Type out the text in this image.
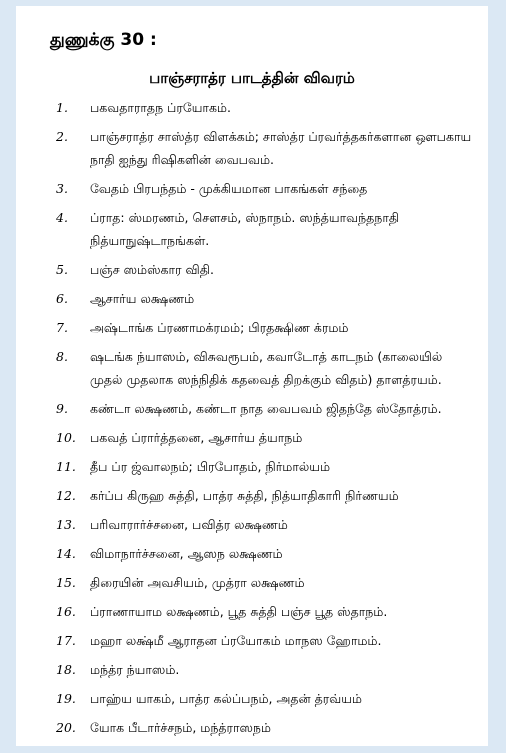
துணுக்கு 30 :
பாஞ்சராத்ர பாடத்தின் விவரம்
1.	பகவதாராதந ப்ரயோகம்.
2.	பாஞ்சராத்ர சாஸ்த்ர விளக்கம்; சாஸ்த்ர ப்ரவர்த்தகர்களான ஔபகாய நாதி ஐந்து ரிஷிகளின் வைபவம்.
3.	வேதம் பிரபந்தம் - முக்கியமான பாகங்கள் சந்தை
4.	ப்ராத: ஸ்மரணம், சௌசம், ஸ்நாநம். ஸந்த்யாவந்தநாதி நித்யாநுஷ்டாநங்கள்.
5.	பஞ்ச ஸம்ஸ்கார விதி.
6.	ஆசார்ய லக்ஷணம்
7.	அஷ்டாங்க ப்ரணாமக்ரமம்; பிரதக்ஷிண க்ரமம்
8.	ஷடங்க ந்யாஸம், விசுவரூபம், கவாடோத் காடநம் (காலையில் முதல் முதலாக ஸந்நிதிக் கதவைத் திறக்கும் விதம்) தாளத்ரயம்.
9.	கண்டா லக்ஷணம், கண்டா நாத வைபவம் ஜிதந்தே ஸ்தோத்ரம்.
10.	பகவத் ப்ரார்த்தனை, ஆசார்ய த்யாநம்
11.	தீப ப்ர ஜ்வாலநம்; பிரபோதம், நிர்மால்யம்
12.	கர்ப்ப கிருஹ சுத்தி, பாத்ர சுத்தி, நித்யாதிகாரி நிர்ணயம்
13.	பரிவாரார்ச்சனை, பவித்ர லக்ஷணம்
14.	விமாநார்ச்சனை, ஆஸந லக்ஷணம்
15.	திரையின் அவசியம், முத்ரா லக்ஷணம்
16.	ப்ராணாயாம லக்ஷணம், பூத சுத்தி பஞ்ச பூத ஸ்தாநம்.
17.	மஹா லக்ஷ்மீ ஆராதன ப்ரயோகம் மாநஸ ஹோமம்.
18.	மந்த்ர ந்யாஸம்.
19.	பாஹ்ய யாகம், பாத்ர கல்ப்பநம், அதன் த்ரவ்யம்
20.	யோக பீடார்ச்சநம், மந்த்ராஸநம்
